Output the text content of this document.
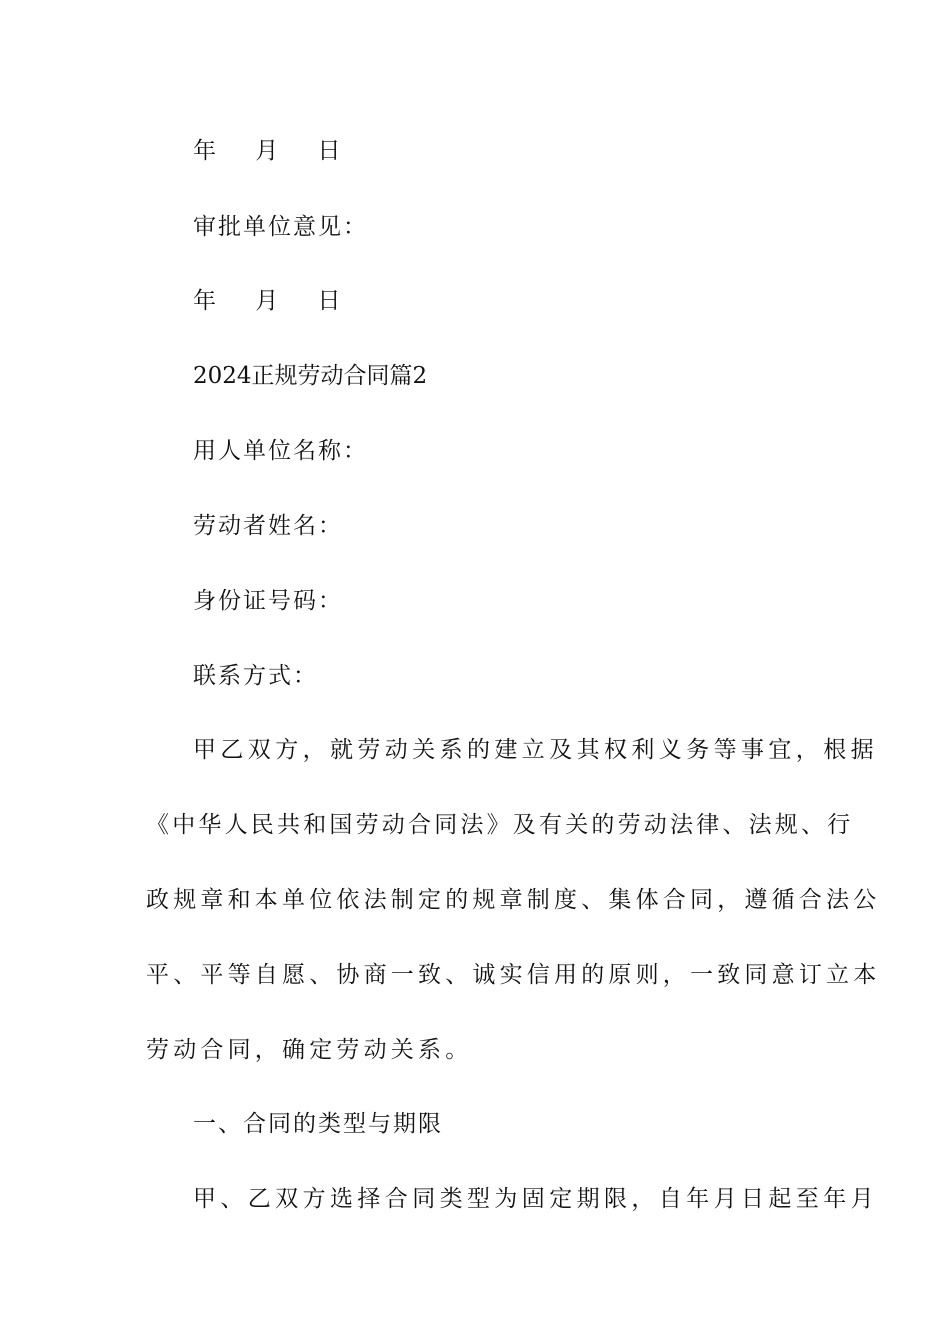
年    月    日
审批单位意见：
年    月    日
2024正规劳动合同篇2
用人单位名称：
劳动者姓名：
身份证号码：
联系方式：
甲乙双方，就劳动关系的建立及其权利义务等事宜，根据
《中华人民共和国劳动合同法》及有关的劳动法律、法规、行
政规章和本单位依法制定的规章制度、集体合同，遵循合法公
平、平等自愿、协商一致、诚实信用的原则，一致同意订立本
劳动合同，确定劳动关系。
一、合同的类型与期限
甲、乙双方选择合同类型为固定期限，自年月日起至年月
